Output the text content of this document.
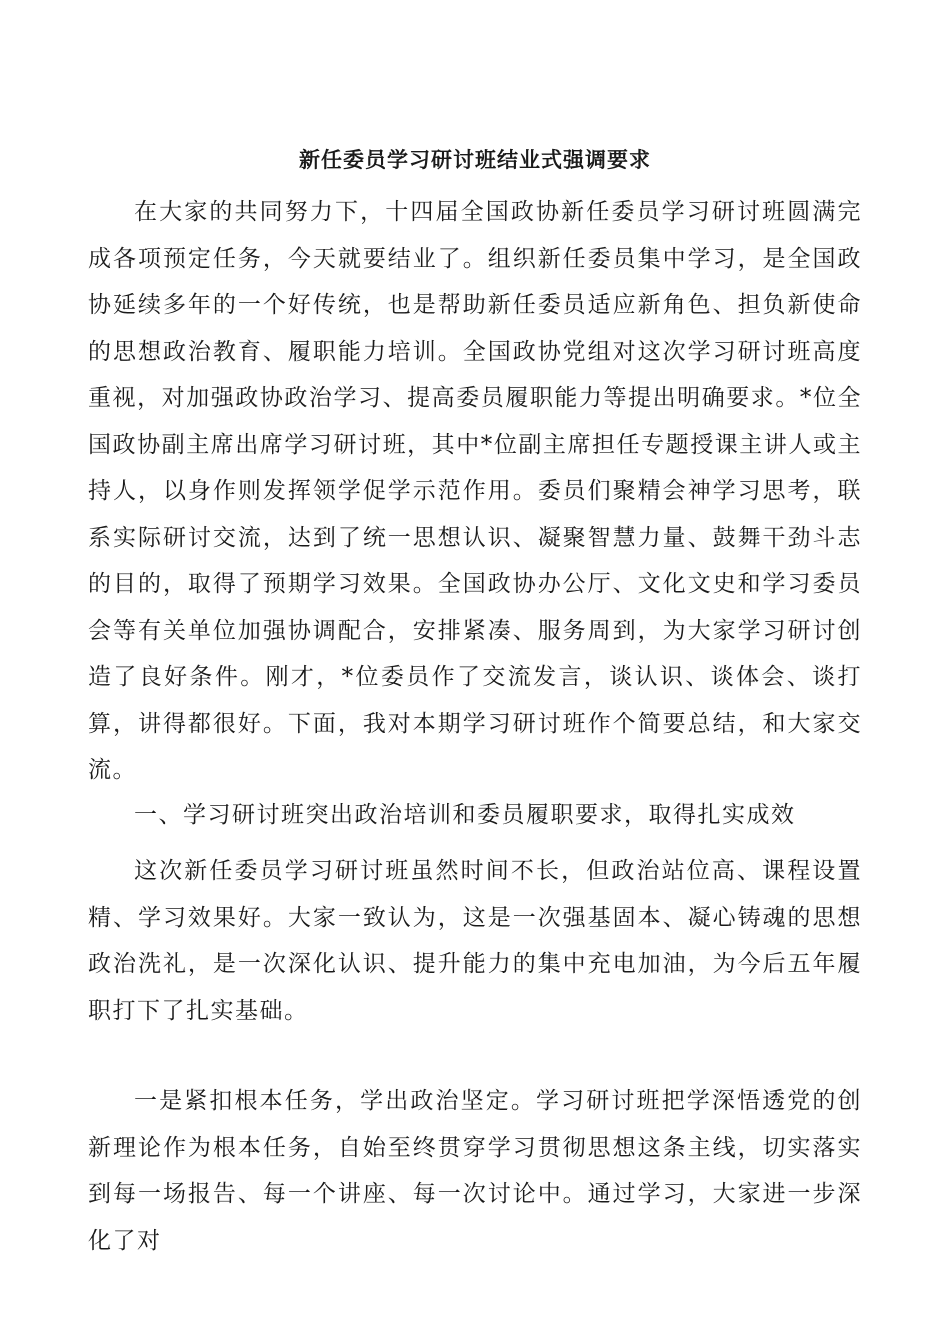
新任委员学习研讨班结业式强调要求
在大家的共同努力下，十四届全国政协新任委员学习研讨班圆满完成各项预定任务，今天就要结业了。组织新任委员集中学习，是全国政协延续多年的一个好传统，也是帮助新任委员适应新角色、担负新使命的思想政治教育、履职能力培训。全国政协党组对这次学习研讨班高度重视，对加强政协政治学习、提高委员履职能力等提出明确要求。*位全国政协副主席出席学习研讨班，其中*位副主席担任专题授课主讲人或主持人，以身作则发挥领学促学示范作用。委员们聚精会神学习思考，联系实际研讨交流，达到了统一思想认识、凝聚智慧力量、鼓舞干劲斗志的目的，取得了预期学习效果。全国政协办公厅、文化文史和学习委员会等有关单位加强协调配合，安排紧凑、服务周到，为大家学习研讨创造了良好条件。刚才，*位委员作了交流发言，谈认识、谈体会、谈打算，讲得都很好。下面，我对本期学习研讨班作个简要总结，和大家交流。
一、学习研讨班突出政治培训和委员履职要求，取得扎实成效
这次新任委员学习研讨班虽然时间不长，但政治站位高、课程设置精、学习效果好。大家一致认为，这是一次强基固本、凝心铸魂的思想政治洗礼，是一次深化认识、提升能力的集中充电加油，为今后五年履职打下了扎实基础。
一是紧扣根本任务，学出政治坚定。学习研讨班把学深悟透党的创新理论作为根本任务，自始至终贯穿学习贯彻思想这条主线，切实落实到每一场报告、每一个讲座、每一次讨论中。通过学习，大家进一步深化了对
